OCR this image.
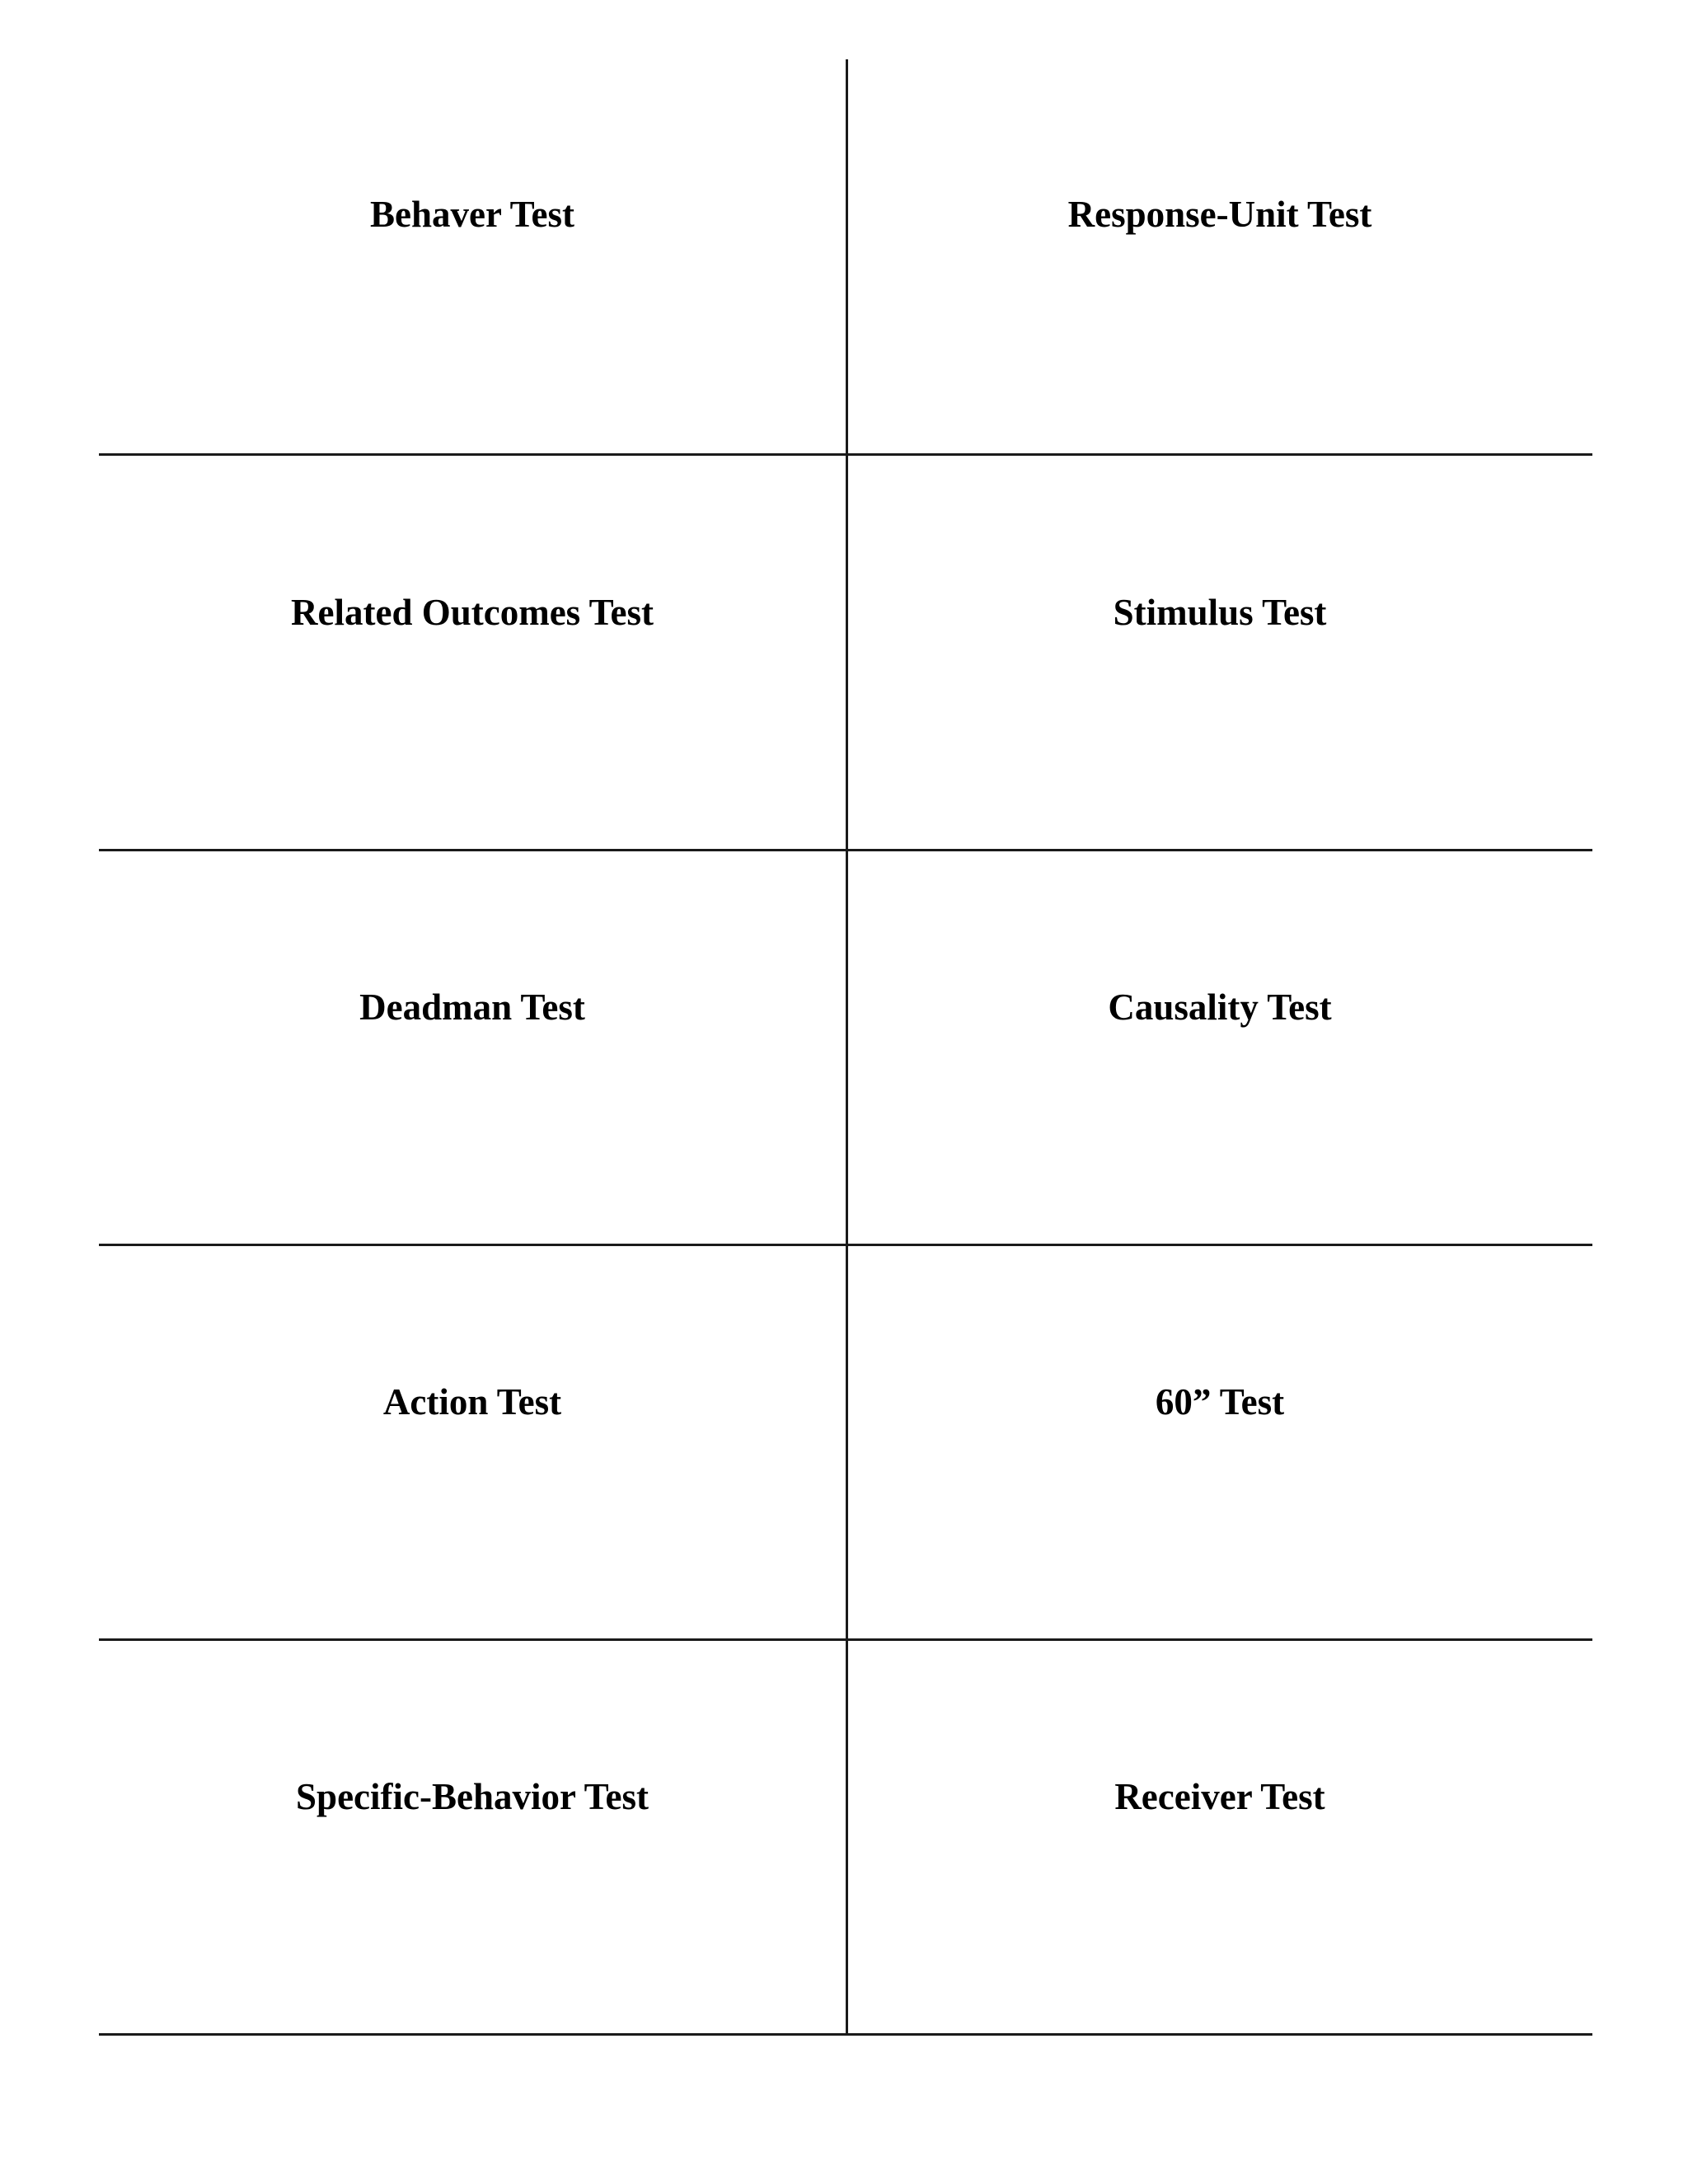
Behaver Test	Response-Unit Test
Related Outcomes Test	Stimulus Test
Deadman Test	Causality Test
Action Test	60” Test
Specific-Behavior Test	Receiver Test
